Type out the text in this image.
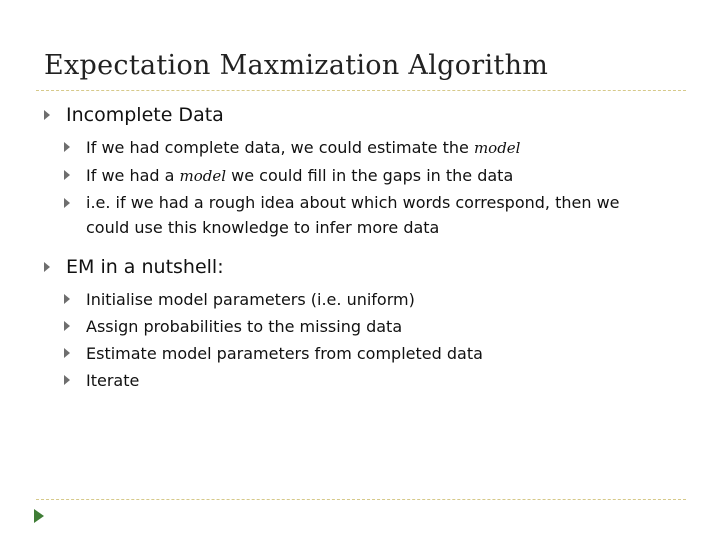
Expectation Maxmization Algorithm
Incomplete Data
If we had complete data, we could estimate the model
If we had a model we could fill in the gaps in the data
i.e. if we had a rough idea about which words correspond, then we
could use this knowledge to infer more data
EM in a nutshell:
Initialise model parameters (i.e. uniform)
Assign probabilities to the missing data
Estimate model parameters from completed data
Iterate
